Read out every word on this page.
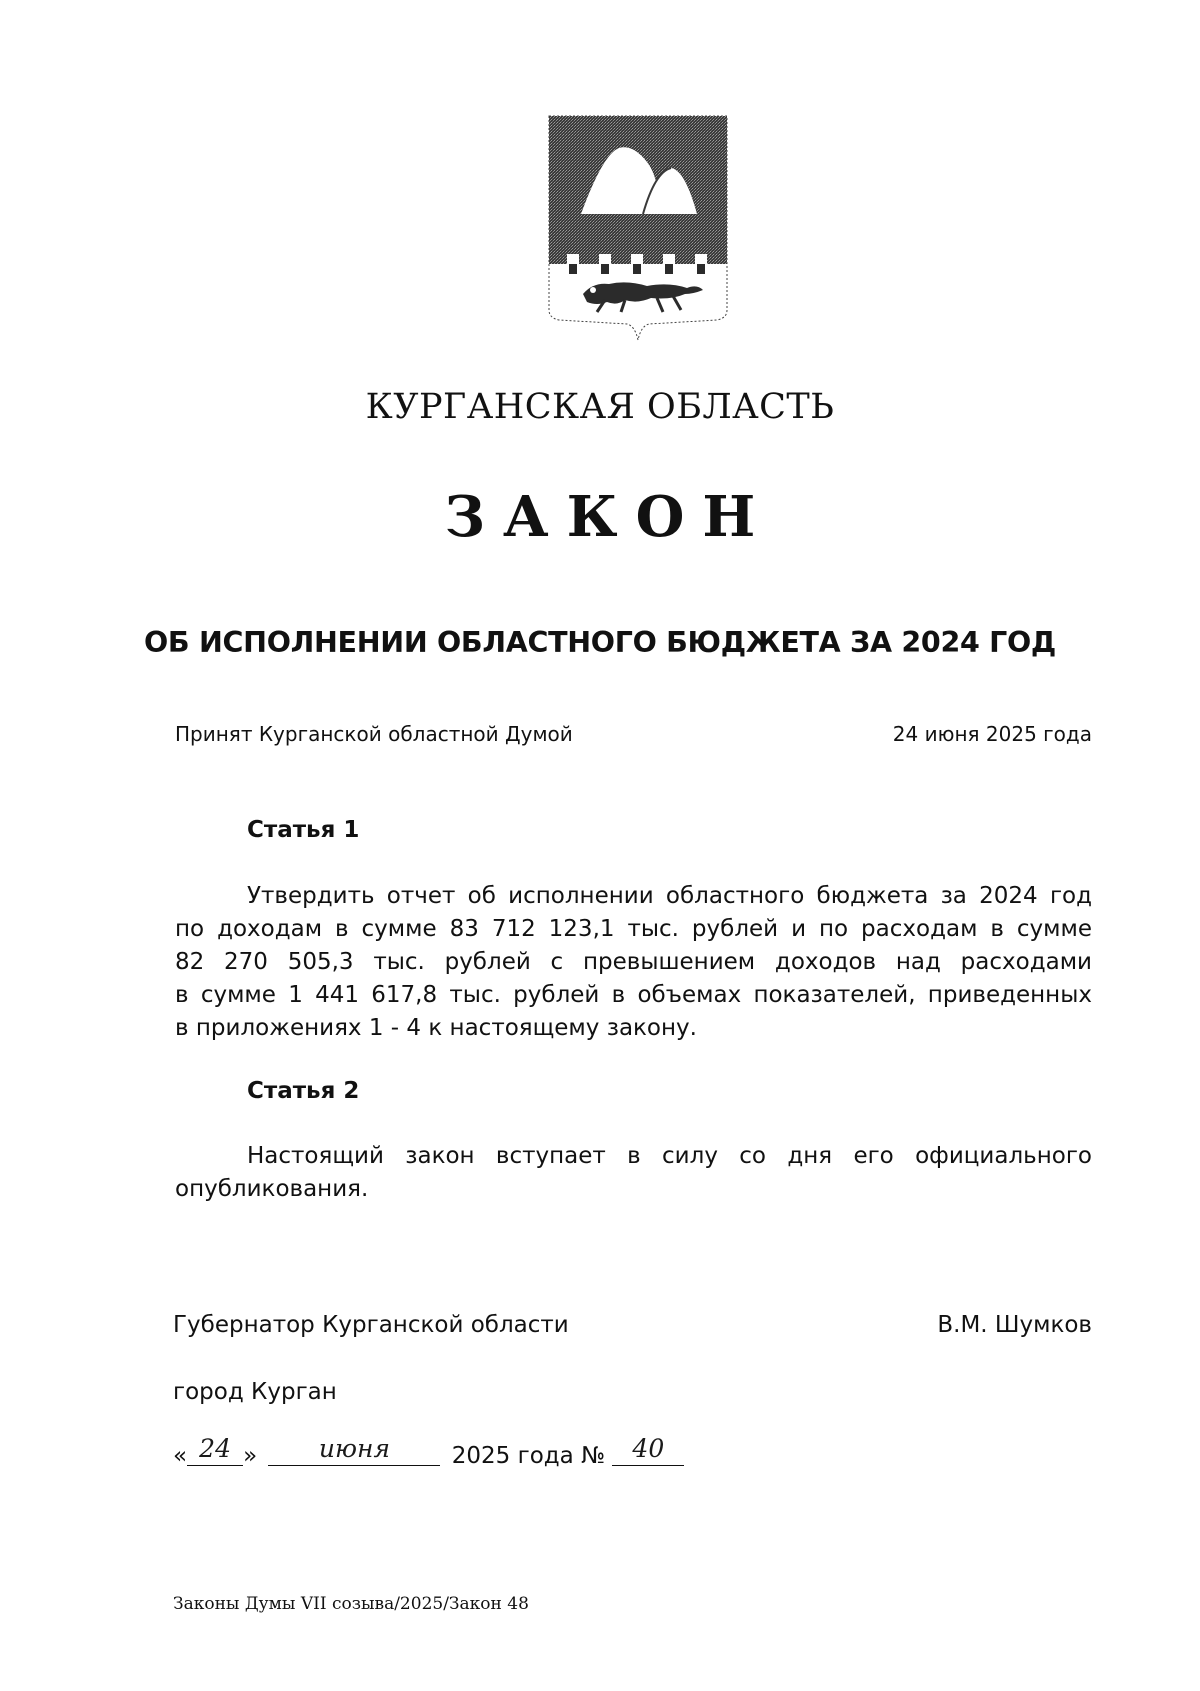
КУРГАНСКАЯ ОБЛАСТЬ
ЗАКОН
ОБ ИСПОЛНЕНИИ ОБЛАСТНОГО БЮДЖЕТА ЗА 2024 ГОД
Принят Курганской областной Думой	24 июня 2025 года
Статья 1
Утвердить отчет об исполнении областного бюджета за 2024 год
по доходам в сумме 83 712 123,1 тыс. рублей и по расходам в сумме
82 270 505,3 тыс. рублей с превышением доходов над расходами
в сумме 1 441 617,8 тыс. рублей в объемах показателей, приведенных
в приложениях 1 - 4 к настоящему закону.
Статья 2
Настоящий закон вступает в силу со дня его официального
опубликования.
Губернатор Курганской области	В.М. Шумков
город Курган
« 24 » июня	2025 года № 40
Законы Думы VII созыва/2025/Закон 48
